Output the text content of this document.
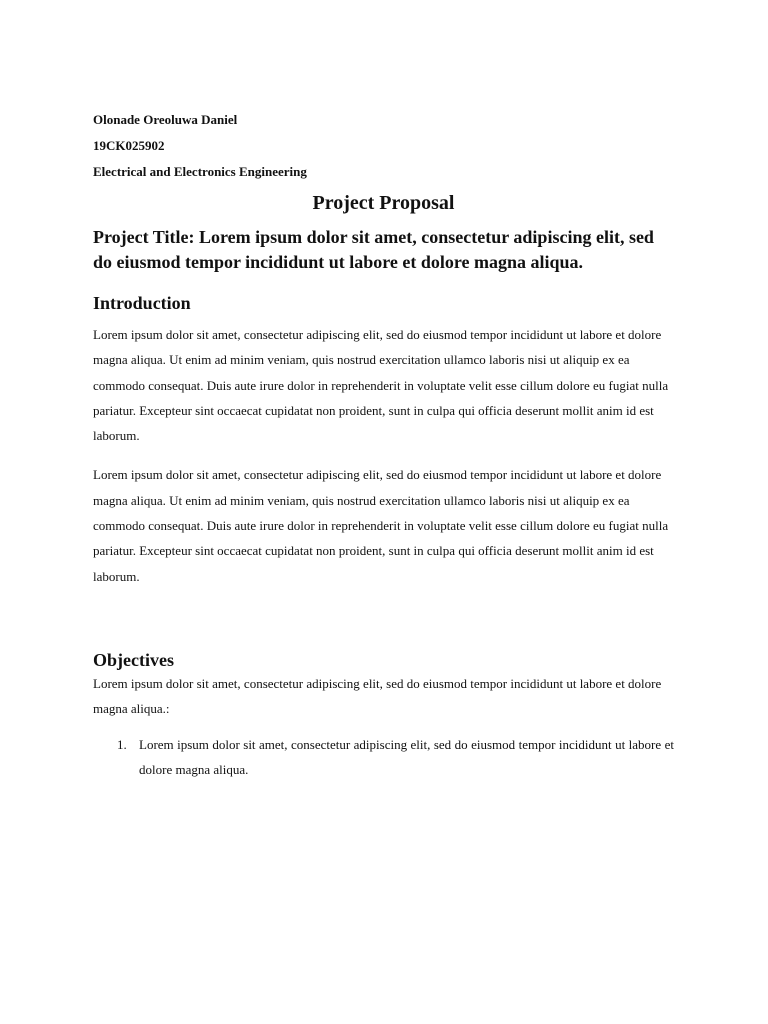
Olonade Oreoluwa Daniel
19CK025902
Electrical and Electronics Engineering
Project Proposal
Project Title: Lorem ipsum dolor sit amet, consectetur adipiscing elit, sed do eiusmod tempor incididunt ut labore et dolore magna aliqua.
Introduction

Lorem ipsum dolor sit amet, consectetur adipiscing elit, sed do eiusmod tempor incididunt ut labore et dolore magna aliqua. Ut enim ad minim veniam, quis nostrud exercitation ullamco laboris nisi ut aliquip ex ea commodo consequat. Duis aute irure dolor in reprehenderit in voluptate velit esse cillum dolore eu fugiat nulla pariatur. Excepteur sint occaecat cupidatat non proident, sunt in culpa qui officia deserunt mollit anim id est laborum.

Lorem ipsum dolor sit amet, consectetur adipiscing elit, sed do eiusmod tempor incididunt ut labore et dolore magna aliqua. Ut enim ad minim veniam, quis nostrud exercitation ullamco laboris nisi ut aliquip ex ea commodo consequat. Duis aute irure dolor in reprehenderit in voluptate velit esse cillum dolore eu fugiat nulla pariatur. Excepteur sint occaecat cupidatat non proident, sunt in culpa qui officia deserunt mollit anim id est laborum.

Objectives

Lorem ipsum dolor sit amet, consectetur adipiscing elit, sed do eiusmod tempor incididunt ut labore et dolore magna aliqua.:

1. Lorem ipsum dolor sit amet, consectetur adipiscing elit, sed do eiusmod tempor incididunt ut labore et dolore magna aliqua.
